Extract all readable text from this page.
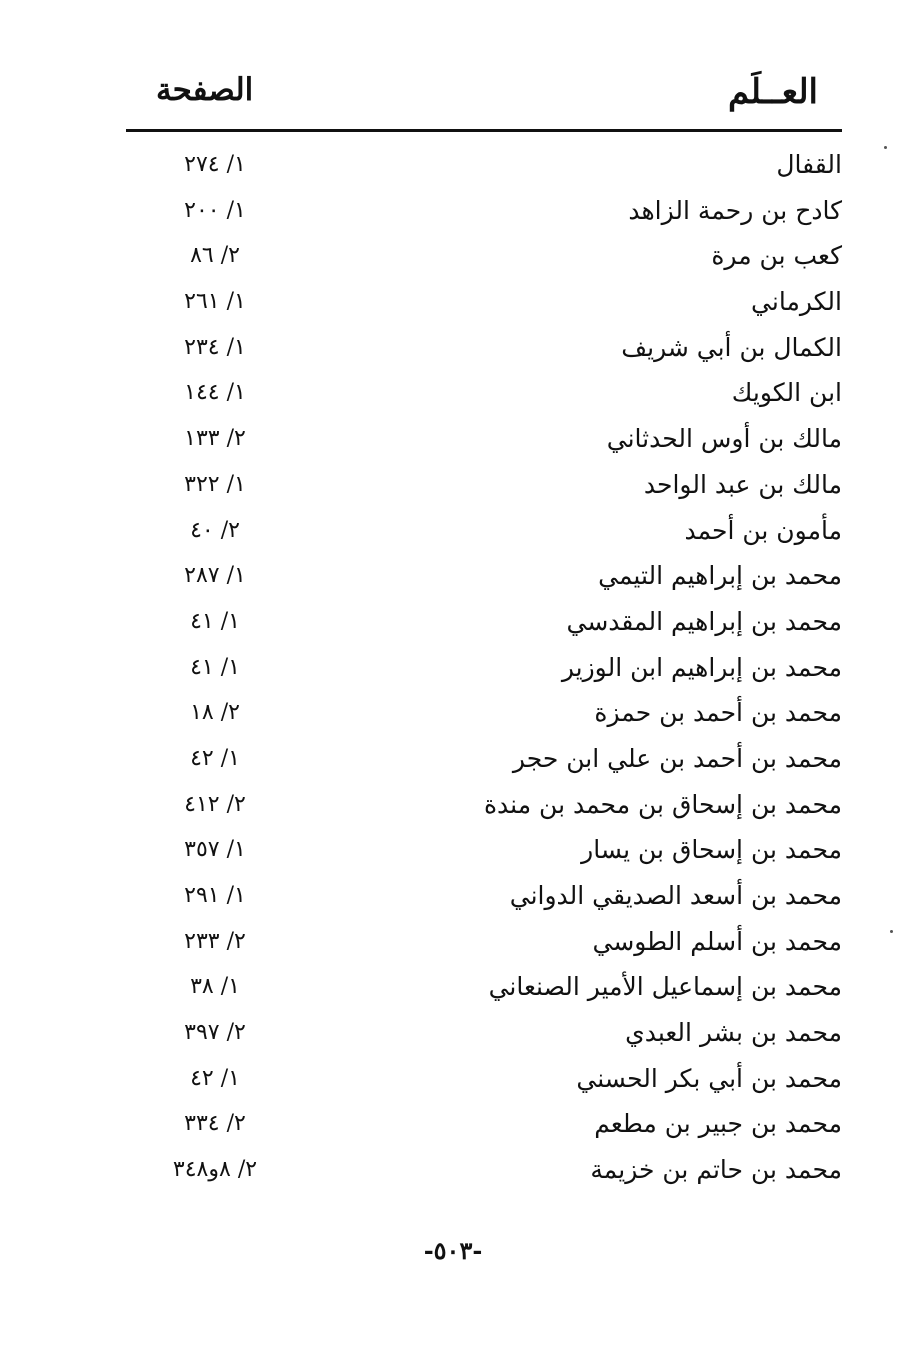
العــلَم
الصفحة
القفال
١/ ٢٧٤
كادح بن رحمة الزاهد
١/ ٢٠٠
كعب بن مرة
٢/ ٨٦
الكرماني
١/ ٢٦١
الكمال بن أبي شريف
١/ ٢٣٤
ابن الكويك
١/ ١٤٤
مالك بن أوس الحدثاني
٢/ ١٣٣
مالك بن عبد الواحد
١/ ٣٢٢
مأمون بن أحمد
٢/ ٤٠
محمد بن إبراهيم التيمي
١/ ٢٨٧
محمد بن إبراهيم المقدسي
١/ ٤١
محمد بن إبراهيم ابن الوزير
١/ ٤١
محمد بن أحمد بن حمزة
٢/ ١٨
محمد بن أحمد بن علي ابن حجر
١/ ٤٢
محمد بن إسحاق بن محمد بن مندة
٢/ ٤١٢
محمد بن إسحاق بن يسار
١/ ٣٥٧
محمد بن أسعد الصديقي الدواني
١/ ٢٩١
محمد بن أسلم الطوسي
٢/ ٢٣٣
محمد بن إسماعيل الأمير الصنعاني
١/ ٣٨
محمد بن بشر العبدي
٢/ ٣٩٧
محمد بن أبي بكر الحسني
١/ ٤٢
محمد بن جبير بن مطعم
٢/ ٣٣٤
محمد بن حاتم بن خزيمة
٢/ ٨و٣٤٨
-٥٠٣-
